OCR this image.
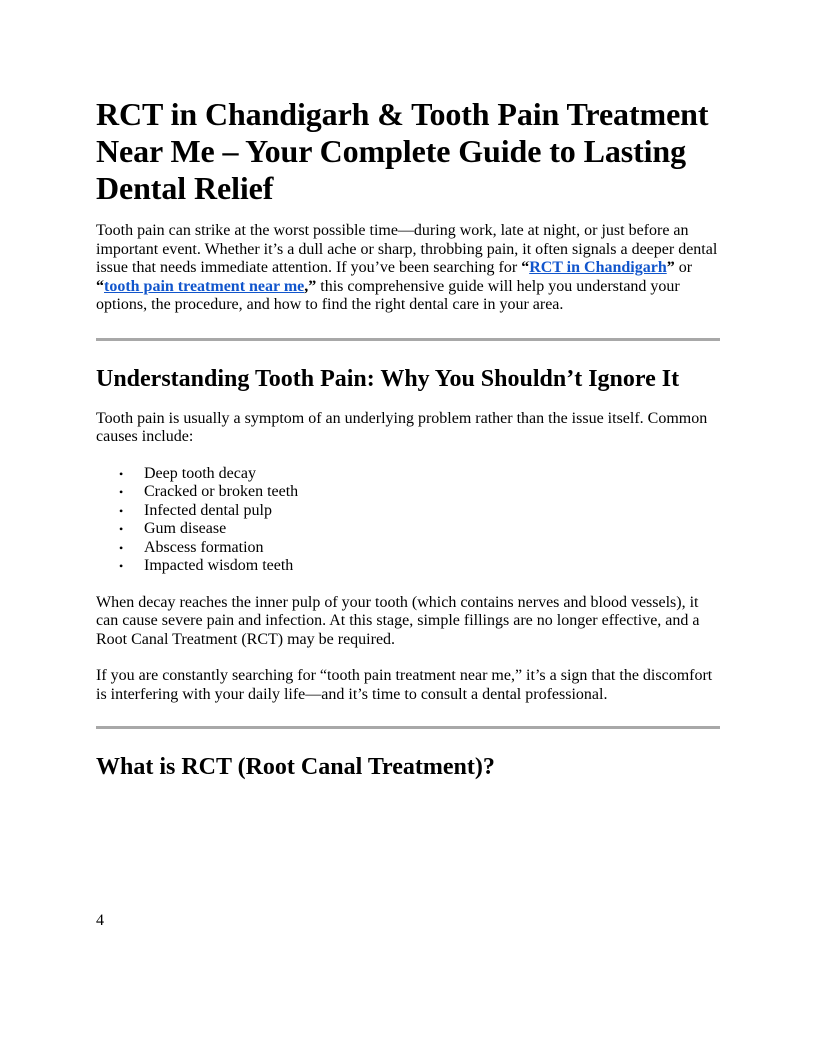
RCT in Chandigarh & Tooth Pain Treatment Near Me – Your Complete Guide to Lasting Dental Relief

Tooth pain can strike at the worst possible time—during work, late at night, or just before an important event. Whether it’s a dull ache or sharp, throbbing pain, it often signals a deeper dental issue that needs immediate attention. If you’ve been searching for “RCT in Chandigarh” or “tooth pain treatment near me,” this comprehensive guide will help you understand your options, the procedure, and how to find the right dental care in your area.

Understanding Tooth Pain: Why You Shouldn’t Ignore It

Tooth pain is usually a symptom of an underlying problem rather than the issue itself. Common causes include:

• Deep tooth decay
• Cracked or broken teeth
• Infected dental pulp
• Gum disease
• Abscess formation
• Impacted wisdom teeth

When decay reaches the inner pulp of your tooth (which contains nerves and blood vessels), it can cause severe pain and infection. At this stage, simple fillings are no longer effective, and a Root Canal Treatment (RCT) may be required.

If you are constantly searching for “tooth pain treatment near me,” it’s a sign that the discomfort is interfering with your daily life—and it’s time to consult a dental professional.

What is RCT (Root Canal Treatment)?
4
